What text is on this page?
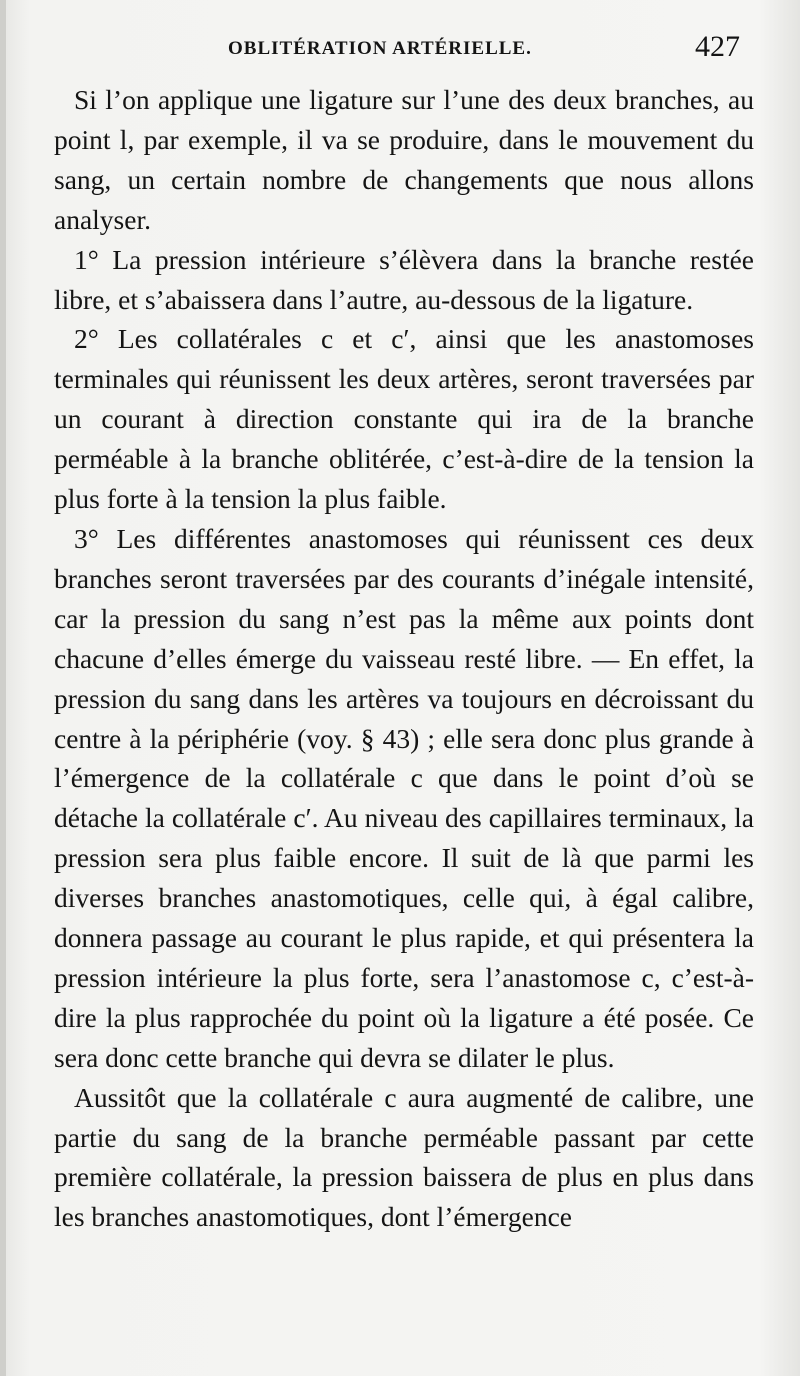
OBLITÉRATION ARTÉRIELLE.	427

Si l’on applique une ligature sur l’une des deux branches, au point l, par exemple, il va se produire, dans le mouvement du sang, un certain nombre de changements que nous allons analyser.

1° La pression intérieure s’élèvera dans la branche restée libre, et s’abaissera dans l’autre, au-dessous de la ligature.

2° Les collatérales c et c′, ainsi que les anastomoses terminales qui réunissent les deux artères, seront traversées par un courant à direction constante qui ira de la branche perméable à la branche oblitérée, c’est-à-dire de la tension la plus forte à la tension la plus faible.

3° Les différentes anastomoses qui réunissent ces deux branches seront traversées par des courants d’inégale intensité, car la pression du sang n’est pas la même aux points dont chacune d’elles émerge du vaisseau resté libre. — En effet, la pression du sang dans les artères va toujours en décroissant du centre à la périphérie (voy. § 43) ; elle sera donc plus grande à l’émergence de la collatérale c que dans le point d’où se détache la collatérale c′. Au niveau des capillaires terminaux, la pression sera plus faible encore. Il suit de là que parmi les diverses branches anastomotiques, celle qui, à égal calibre, donnera passage au courant le plus rapide, et qui présentera la pression intérieure la plus forte, sera l’anastomose c, c’est-à-dire la plus rapprochée du point où la ligature a été posée. Ce sera donc cette branche qui devra se dilater le plus.

Aussitôt que la collatérale c aura augmenté de calibre, une partie du sang de la branche perméable passant par cette première collatérale, la pression baissera de plus en plus dans les branches anastomotiques, dont l’émergence
